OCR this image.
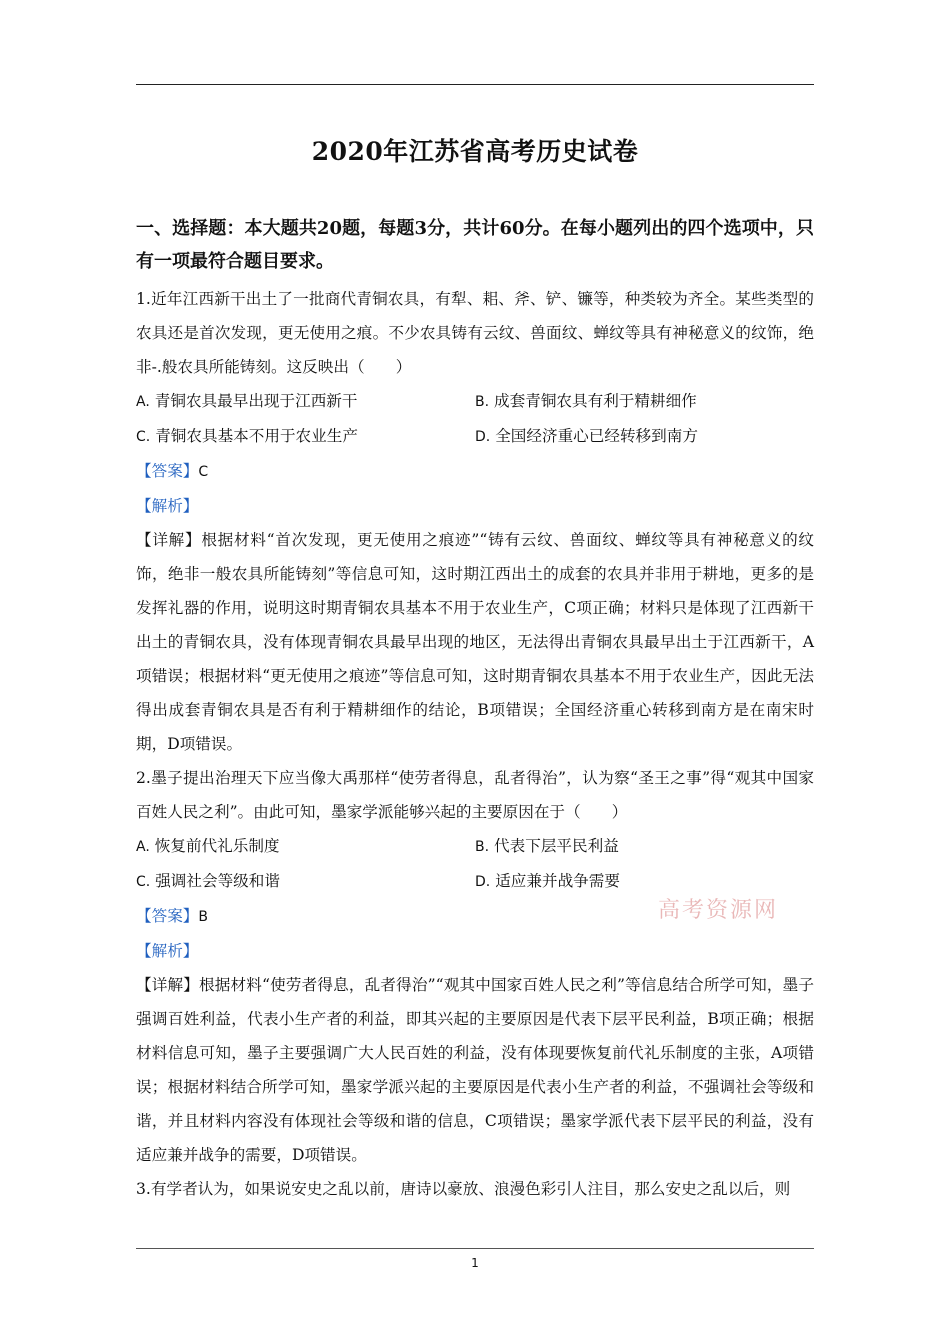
2020年江苏省高考历史试卷
一、选择题：本大题共20题，每题3分，共计60分。在每小题列出的四个选项中，只有一项最符合题目要求。

1.近年江西新干出土了一批商代青铜农具，有犁、耜、斧、铲、镰等，种类较为齐全。某些类型的农具还是首次发现，更无使用之痕。不少农具铸有云纹、兽面纹、蝉纹等具有神秘意义的纹饰，绝非-.般农具所能铸刻。这反映出（　　）

A. 青铜农具最早出现于江西新干	B. 成套青铜农具有利于精耕细作
C. 青铜农具基本不用于农业生产	D. 全国经济重心已经转移到南方

【答案】C

【解析】

【详解】根据材料“首次发现，更无使用之痕迹”“铸有云纹、兽面纹、蝉纹等具有神秘意义的纹饰，绝非一般农具所能铸刻”等信息可知，这时期江西出土的成套的农具并非用于耕地，更多的是发挥礼器的作用，说明这时期青铜农具基本不用于农业生产，C项正确；材料只是体现了江西新干出土的青铜农具，没有体现青铜农具最早出现的地区，无法得出青铜农具最早出土于江西新干，A项错误；根据材料“更无使用之痕迹”等信息可知，这时期青铜农具基本不用于农业生产，因此无法得出成套青铜农具是否有利于精耕细作的结论，B项错误；全国经济重心转移到南方是在南宋时期，D项错误。

2.墨子提出治理天下应当像大禹那样“使劳者得息，乱者得治”，认为察“圣王之事”得“观其中国家百姓人民之利”。由此可知，墨家学派能够兴起的主要原因在于（　　）

A. 恢复前代礼乐制度	B. 代表下层平民利益
C. 强调社会等级和谐	D. 适应兼并战争需要

【答案】B

【解析】

【详解】根据材料“使劳者得息，乱者得治”“观其中国家百姓人民之利”等信息结合所学可知，墨子强调百姓利益，代表小生产者的利益，即其兴起的主要原因是代表下层平民利益，B项正确；根据材料信息可知，墨子主要强调广大人民百姓的利益，没有体现要恢复前代礼乐制度的主张，A项错误；根据材料结合所学可知，墨家学派兴起的主要原因是代表小生产者的利益，不强调社会等级和谐，并且材料内容没有体现社会等级和谐的信息，C项错误；墨家学派代表下层平民的利益，没有适应兼并战争的需要，D项错误。

3.有学者认为，如果说安史之乱以前，唐诗以豪放、浪漫色彩引人注目，那么安史之乱以后，则

高考资源网
1
